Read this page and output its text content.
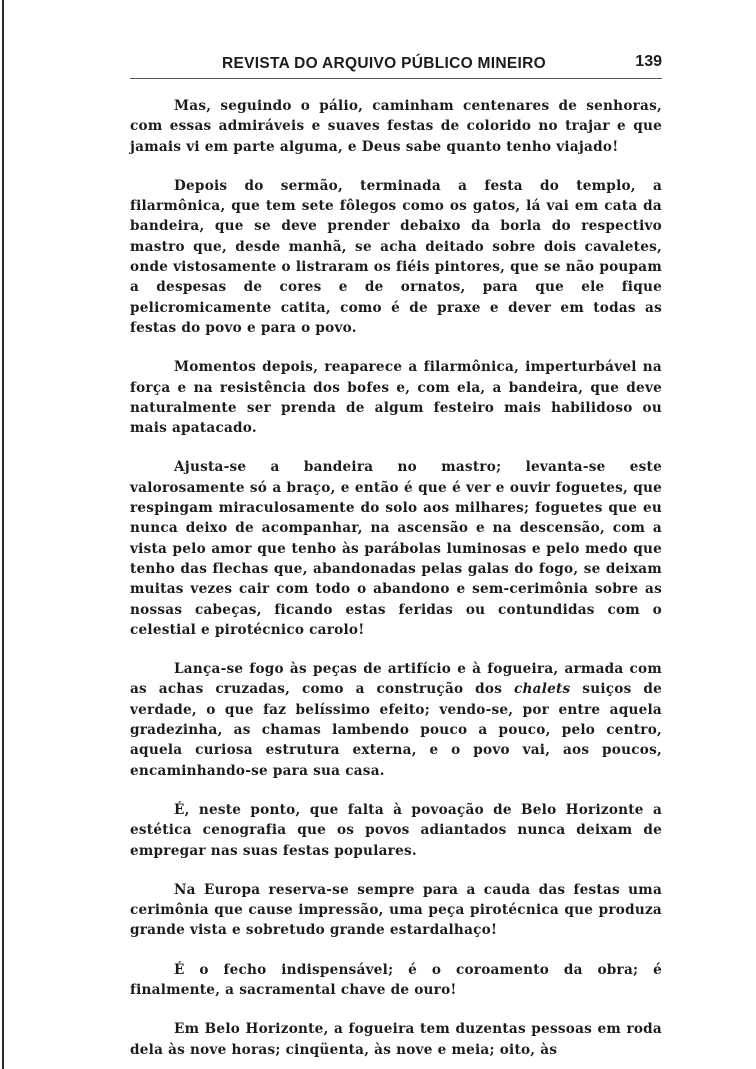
REVISTA DO ARQUIVO PÚBLICO MINEIRO	139

Mas, seguindo o pálio, caminham centenares de senhoras, com essas admiráveis e suaves festas de colorido no trajar e que jamais vi em parte alguma, e Deus sabe quanto tenho viajado!

Depois do sermão, terminada a festa do templo, a filarmônica, que tem sete fôlegos como os gatos, lá vai em cata da bandeira, que se deve prender debaixo da borla do respectivo mastro que, desde manhã, se acha deitado sobre dois cavaletes, onde vistosamente o listraram os fiéis pintores, que se não poupam a despesas de cores e de ornatos, para que ele fique pelicromicamente catita, como é de praxe e dever em todas as festas do povo e para o povo.

Momentos depois, reaparece a filarmônica, imperturbável na força e na resistência dos bofes e, com ela, a bandeira, que deve naturalmente ser prenda de algum festeiro mais habilidoso ou mais apatacado.

Ajusta-se a bandeira no mastro; levanta-se este valorosamente só a braço, e então é que é ver e ouvir foguetes, que respingam miraculosamente do solo aos milhares; foguetes que eu nunca deixo de acompanhar, na ascensão e na descensão, com a vista pelo amor que tenho às parábolas luminosas e pelo medo que tenho das flechas que, abandonadas pelas galas do fogo, se deixam muitas vezes cair com todo o abandono e sem-cerimônia sobre as nossas cabeças, ficando estas feridas ou contundidas com o celestial e pirotécnico carolo!

Lança-se fogo às peças de artifício e à fogueira, armada com as achas cruzadas, como a construção dos chalets suiços de verdade, o que faz belíssimo efeito; vendo-se, por entre aquela gradezinha, as chamas lambendo pouco a pouco, pelo centro, aquela curiosa estrutura externa, e o povo vai, aos poucos, encaminhando-se para sua casa.

É, neste ponto, que falta à povoação de Belo Horizonte a estética cenografia que os povos adiantados nunca deixam de empregar nas suas festas populares.

Na Europa reserva-se sempre para a cauda das festas uma cerimônia que cause impressão, uma peça pirotécnica que produza grande vista e sobretudo grande estardalhaço!

É o fecho indispensável; é o coroamento da obra; é finalmente, a sacramental chave de ouro!

Em Belo Horizonte, a fogueira tem duzentas pessoas em roda dela às nove horas; cinqüenta, às nove e meia; oito, às
